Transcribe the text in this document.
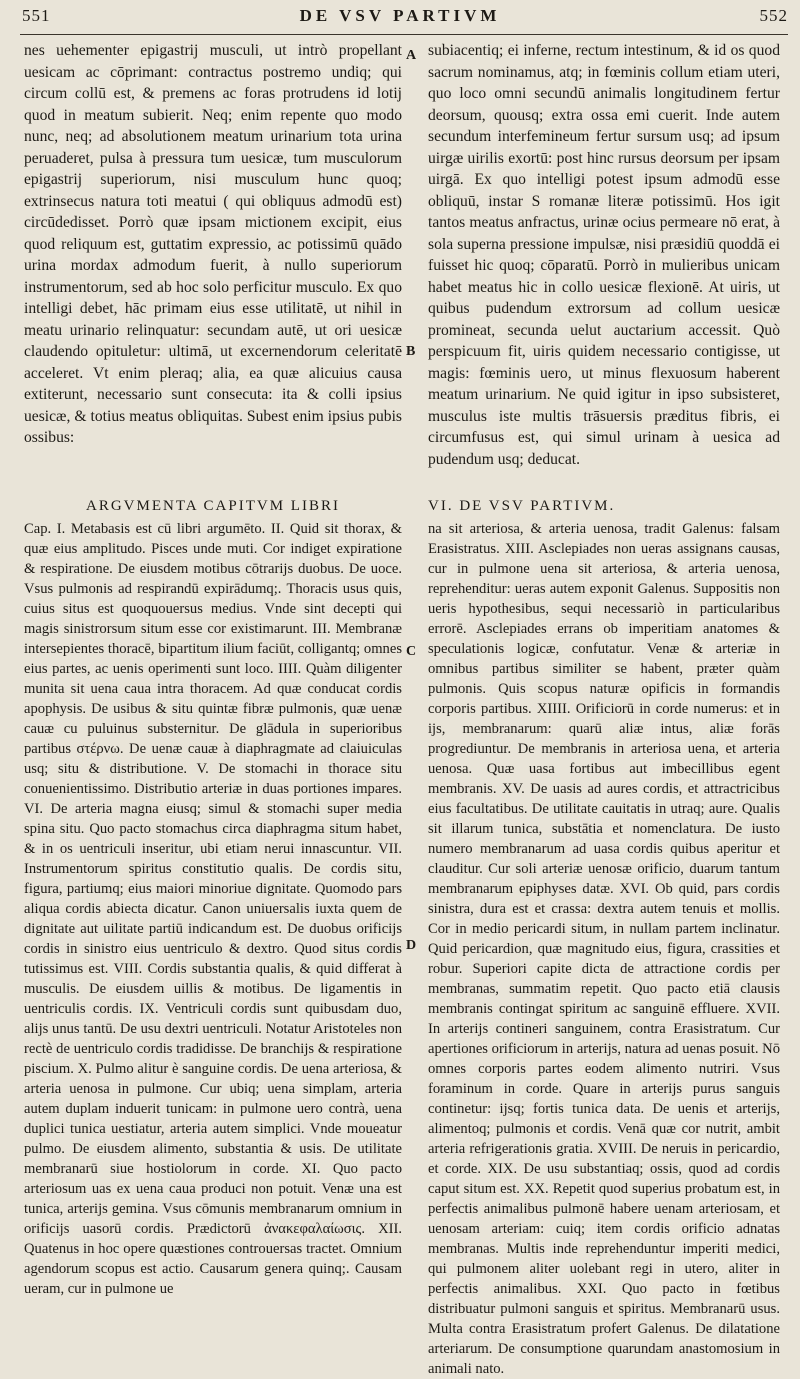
551	DE VSV PARTIVM	552

nes uehementer epigastrij musculi, ut intrò propellant uesicam ac cōprimant: contractus postremo undiq; qui circum collū est, & premens ac foras protrudens id lotij quod in meatum subierit. Neq; enim repente quo modo nunc, neq; ad absolutionem meatum urinarium tota urina peruaderet, pulsa à pressura tum uesicæ, tum musculorum epigastrij superiorum, nisi musculum hunc quoq; extrinsecus natura toti meatui ( qui obliquus admodū est) circūdedisset. Porrò quæ ipsam mictionem excipit, eius quod reliquum est, guttatim expressio, ac potissimū quādo urina mordax admodum fuerit, à nullo superiorum instrumentorum, sed ab hoc solo perficitur musculo. Ex quo intelligi debet, hāc primam eius esse utilitatē, ut nihil in meatu urinario relinquatur: secundam autē, ut ori uesicæ claudendo opituletur: ultimā, ut excernendorum celeritatē acceleret. Vt enim pleraq; alia, ea quæ alicuius causa extiterunt, necessario sunt consecuta: ita & colli ipsius uesicæ, & totius meatus obliquitas. Subest enim ipsius pubis ossibus:

subiacentiq; ei inferne, rectum intestinum, & id os quod sacrum nominamus, atq; in fœminis collum etiam uteri, quo loco omni secundū animalis longitudinem fertur deorsum, quousq; extra ossa emi cuerit. Inde autem secundum interfemineum fertur sursum usq; ad ipsum uirgæ uirilis exortū: post hinc rursus deorsum per ipsam uirgā. Ex quo intelligi potest ipsum admodū esse obliquū, instar S romanæ literæ potissimū. Hos igit tantos meatus anfractus, urinæ ocius permeare nō erat, à sola superna pressione impulsæ, nisi præsidiū quoddā ei fuisset hic quoq; cōparatū. Porrò in mulieribus unicam habet meatus hic in collo uesicæ flexionē. At uiris, ut quibus pudendum extrorsum ad collum uesicæ promineat, secunda uelut auctarium accessit. Quò perspicuum fit, uiris quidem necessario contigisse, ut magis: fœminis uero, ut minus flexuosum haberent meatum urinarium. Ne quid igitur in ipso subsisteret, musculus iste multis trāsuersis præditus fibris, ei circumfusus est, qui simul urinam à uesica ad pudendum usq; deducat.

A
B
C
D
ARGVMENTA CAPITVM LIBRI

Cap. I. Metabasis est cū libri argumēto. II. Quid sit thorax, & quæ eius amplitudo. Pisces unde muti. Cor indiget expiratione & respiratione. De eiusdem motibus cōtrarijs duobus. De uoce. Vsus pulmonis ad respirandū expirādumq;. Thoracis usus quis, cuius situs est quoquouersus medius. Vnde sint decepti qui magis sinistrorsum situm esse cor existimarunt. III. Membranæ intersepientes thoracē, bipartitum ilium faciūt, colligantq; omnes eius partes, ac uenis operimenti sunt loco. IIII. Quàm diligenter munita sit uena caua intra thoracem. Ad quæ conducat cordis apophysis. De usibus & situ quintæ fibræ pulmonis, quæ uenæ cauæ cu puluinus substernitur. De glādula in superioribus partibus στέρνω. De uenæ cauæ à diaphragmate ad claiuiculas usq; situ & distributione. V. De stomachi in thorace situ conuenientissimo. Distributio arteriæ in duas portiones impares. VI. De arteria magna eiusq; simul & stomachi super media spina situ. Quo pacto stomachus circa diaphragma situm habet, & in os uentriculi inseritur, ubi etiam nerui innascuntur. VII. Instrumentorum spiritus constitutio qualis. De cordis situ, figura, partiumq; eius maiori minoriue dignitate. Quomodo pars aliqua cordis abiecta dicatur. Canon uniuersalis iuxta quem de dignitate aut uilitate partiū indicandum est. De duobus orificijs cordis in sinistro eius uentriculo & dextro. Quod situs cordis tutissimus est. VIII. Cordis substantia qualis, & quid differat à musculis. De eiusdem uillis & motibus. De ligamentis in uentriculis cordis. IX. Ventriculi cordis sunt quibusdam duo, alijs unus tantū. De usu dextri uentriculi. Notatur Aristoteles non rectè de uentriculo cordis tradidisse. De branchijs & respiratione piscium. X. Pulmo alitur è sanguine cordis. De uena arteriosa, & arteria uenosa in pulmone. Cur ubiq; uena simplam, arteria autem duplam induerit tunicam: in pulmone uero contrà, uena duplici tunica uestiatur, arteria autem simplici. Vnde moueatur pulmo. De eiusdem alimento, substantia & usis. De utilitate membranarū siue hostiolorum in corde. XI. Quo pacto arteriosum uas ex uena caua produci non potuit. Venæ una est tunica, arterijs gemina. Vsus cōmunis membranarum omnium in orificijs uasorū cordis. Prædictorū ἀνακεφαλαίωσις. XII. Quatenus in hoc opere quæstiones controuersas tractet. Omnium agendorum scopus est actio. Causarum genera quinq;. Causam ueram, cur in pulmone ue

VI. DE VSV PARTIVM.

na sit arteriosa, & arteria uenosa, tradit Galenus: falsam Erasistratus. XIII. Asclepiades non ueras assignans causas, cur in pulmone uena sit arteriosa, & arteria uenosa, reprehenditur: ueras autem exponit Galenus. Suppositis non ueris hypothesibus, sequi necessariò in particularibus errorē. Asclepiades errans ob imperitiam anatomes & speculationis logicæ, confutatur. Venæ & arteriæ in omnibus partibus similiter se habent, præter quàm pulmonis. Quis scopus naturæ opificis in formandis corporis partibus. XIIII. Orificiorū in corde numerus: et in ijs, membranarum: quarū aliæ intus, aliæ forās progrediuntur. De membranis in arteriosa uena, et arteria uenosa. Quæ uasa fortibus aut imbecillibus egent membranis. XV. De uasis ad aures cordis, et attractricibus eius facultatibus. De utilitate cauitatis in utraq; aure. Qualis sit illarum tunica, substātia et nomenclatura. De iusto numero membranarum ad uasa cordis quibus aperitur et clauditur. Cur soli arteriæ uenosæ orificio, duarum tantum membranarum epiphyses datæ. XVI. Ob quid, pars cordis sinistra, dura est et crassa: dextra autem tenuis et mollis. Cor in medio pericardi situm, in nullam partem inclinatur. Quid pericardion, quæ magnitudo eius, figura, crassities et robur. Superiori capite dicta de attractione cordis per membranas, summatim repetit. Quo pacto etiā clausis membranis contingat spiritum ac sanguinē effluere. XVII. In arterijs contineri sanguinem, contra Erasistratum. Cur apertiones orificiorum in arterijs, natura ad uenas posuit. Nō omnes corporis partes eodem alimento nutriri. Vsus foraminum in corde. Quare in arterijs purus sanguis continetur: ijsq; fortis tunica data. De uenis et arterijs, alimentoq; pulmonis et cordis. Venā quæ cor nutrit, ambit arteria refrigerationis gratia. XVIII. De neruis in pericardio, et corde. XIX. De usu substantiaq; ossis, quod ad cordis caput situm est. XX. Repetit quod superius probatum est, in perfectis animalibus pulmonē habere uenam arteriosam, et uenosam arteriam: cuiq; item cordis orificio adnatas membranas. Multis inde reprehenduntur imperiti medici, qui pulmonem aliter uolebant regi in utero, aliter in perfectis animalibus. XXI. Quo pacto in fœtibus distribuatur pulmoni sanguis et spiritus. Membranarū usus. Multa contra Erasistratum profert Galenus. De dilatatione arteriarum. De consumptione quarundam anastomosium in animali nato.
